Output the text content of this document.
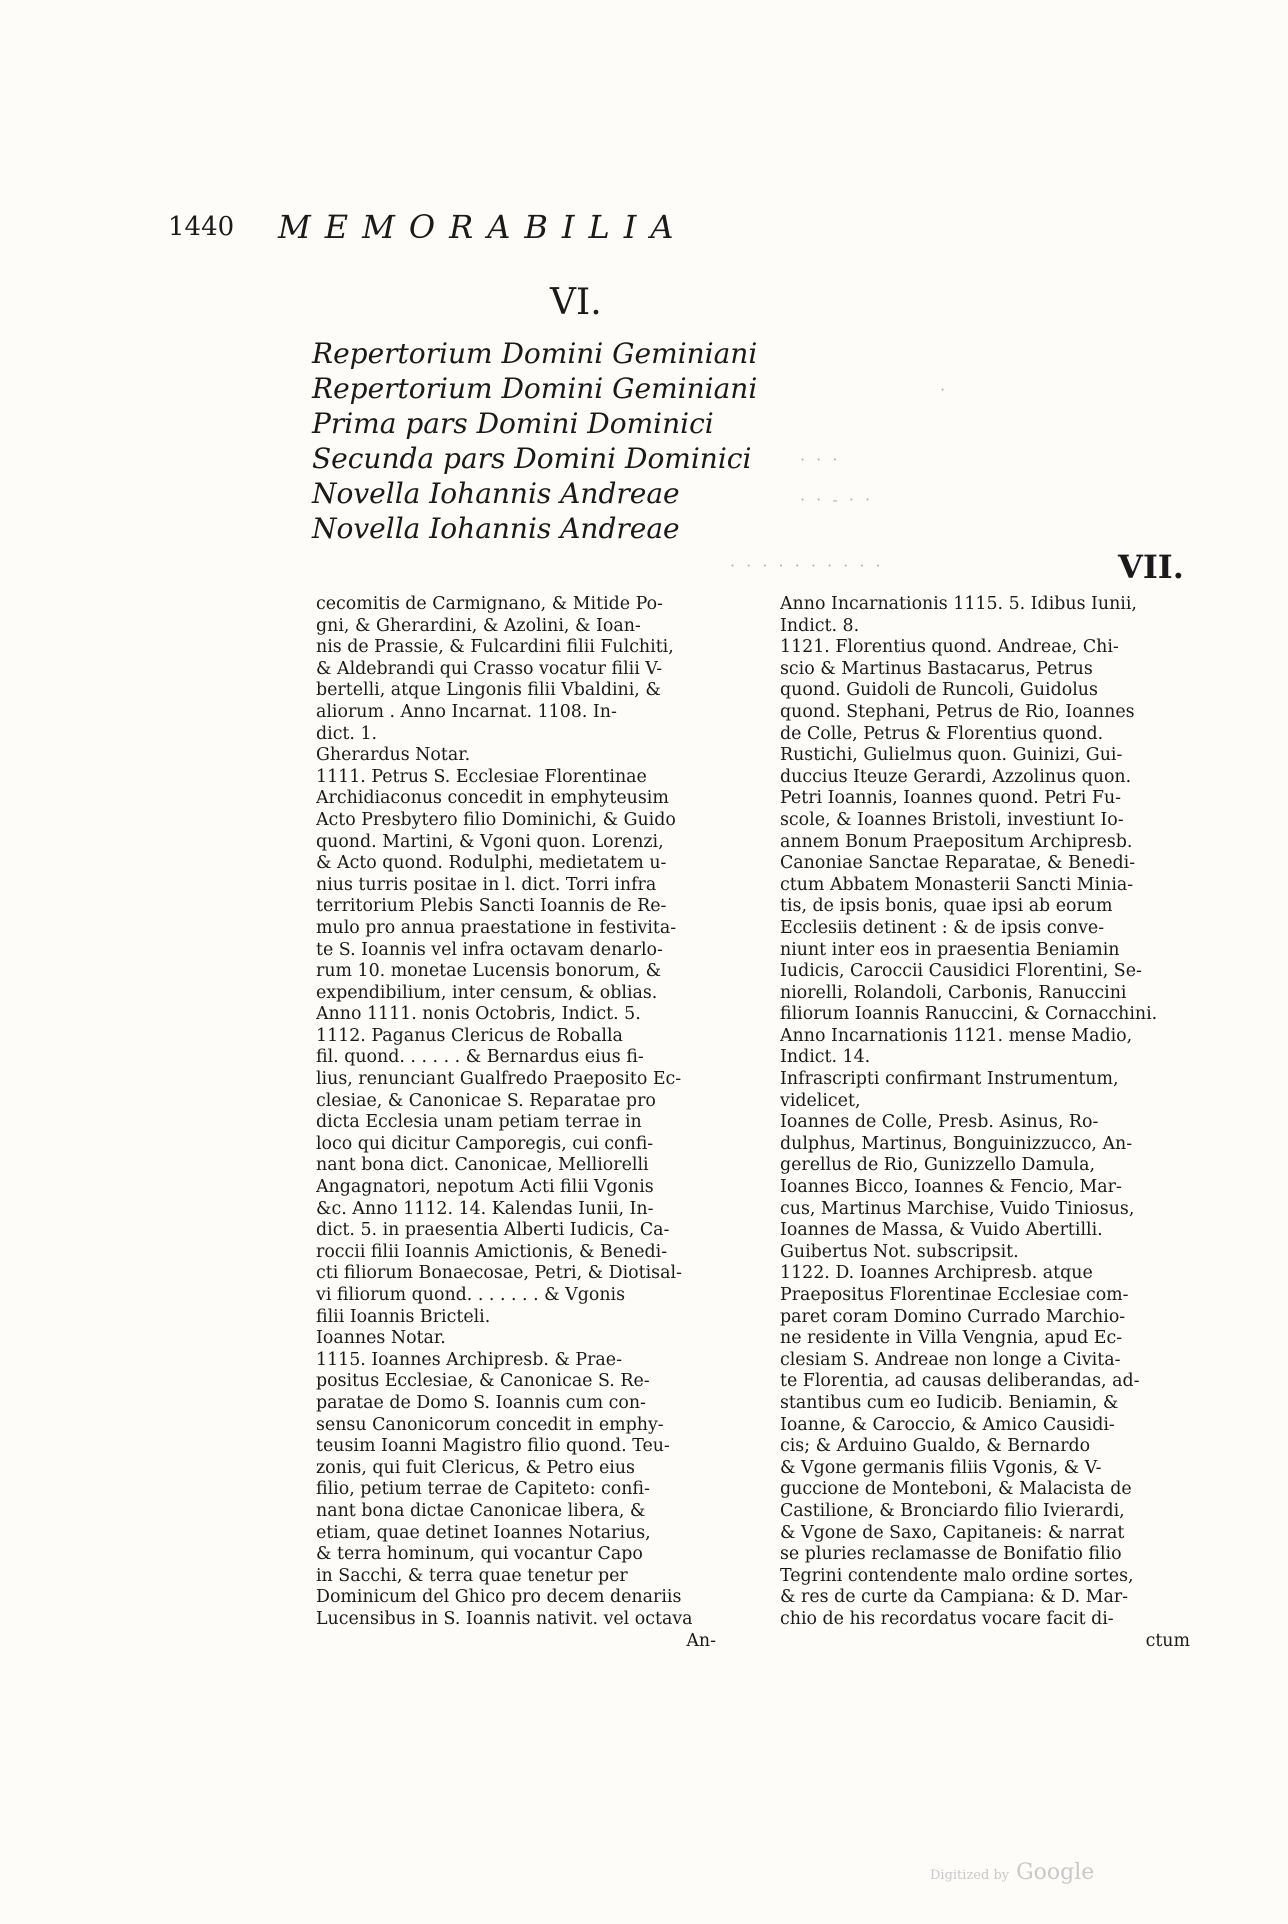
1440 MEMORABILIA
VI.
Repertorium Domini Geminiani
Repertorium Domini Geminiani
Prima pars Domini Dominici
Secunda pars Domini Dominici
Novella Iohannis Andreae
Novella Iohannis Andreae
·
· · ·
· · - · ·
· · · · · · · · · ·	VII.
cecomitis de Carmignano, & Mitide Po-
gni, & Gherardini, & Azolini, & Ioan-
nis de Prassie, & Fulcardini filii Fulchiti,
& Aldebrandi qui Crasso vocatur filii V-
bertelli, atque Lingonis filii Vbaldini, &
aliorum . Anno Incarnat. 1108. In-
dict. 1.
Gherardus Notar.
1111. Petrus S. Ecclesiae Florentinae
Archidiaconus concedit in emphyteusim
Acto Presbytero filio Dominichi, & Guido
quond. Martini, & Vgoni quon. Lorenzi,
& Acto quond. Rodulphi, medietatem u-
nius turris positae in l. dict. Torri infra
territorium Plebis Sancti Ioannis de Re-
mulo pro annua praestatione in festivita-
te S. Ioannis vel infra octavam denarlo-
rum 10. monetae Lucensis bonorum, &
expendibilium, inter censum, & oblias.
Anno 1111. nonis Octobris, Indict. 5.
1112. Paganus Clericus de Roballa
fil. quond. . . . . . & Bernardus eius fi-
lius, renunciant Gualfredo Praeposito Ec-
clesiae, & Canonicae S. Reparatae pro
dicta Ecclesia unam petiam terrae in
loco qui dicitur Camporegis, cui confi-
nant bona dict. Canonicae, Melliorelli
Angagnatori, nepotum Acti filii Vgonis
&c. Anno 1112. 14. Kalendas Iunii, In-
dict. 5. in praesentia Alberti Iudicis, Ca-
roccii filii Ioannis Amictionis, & Benedi-
cti filiorum Bonaecosae, Petri, & Diotisal-
vi filiorum quond. . . . . . . & Vgonis
filii Ioannis Bricteli.
Ioannes Notar.
1115. Ioannes Archipresb. & Prae-
positus Ecclesiae, & Canonicae S. Re-
paratae de Domo S. Ioannis cum con-
sensu Canonicorum concedit in emphy-
teusim Ioanni Magistro filio quond. Teu-
zonis, qui fuit Clericus, & Petro eius
filio, petium terrae de Capiteto: confi-
nant bona dictae Canonicae libera, &
etiam, quae detinet Ioannes Notarius,
& terra hominum, qui vocantur Capo
in Sacchi, & terra quae tenetur per
Dominicum del Ghico pro decem denariis
Lucensibus in S. Ioannis nativit. vel octava
An-
Anno Incarnationis 1115. 5. Idibus Iunii,
Indict. 8.
1121. Florentius quond. Andreae, Chi-
scio & Martinus Bastacarus, Petrus
quond. Guidoli de Runcoli, Guidolus
quond. Stephani, Petrus de Rio, Ioannes
de Colle, Petrus & Florentius quond.
Rustichi, Gulielmus quon. Guinizi, Gui-
duccius Iteuze Gerardi, Azzolinus quon.
Petri Ioannis, Ioannes quond. Petri Fu-
scole, & Ioannes Bristoli, investiunt Io-
annem Bonum Praepositum Archipresb.
Canoniae Sanctae Reparatae, & Benedi-
ctum Abbatem Monasterii Sancti Minia-
tis, de ipsis bonis, quae ipsi ab eorum
Ecclesiis detinent : & de ipsis conve-
niunt inter eos in praesentia Beniamin
Iudicis, Caroccii Causidici Florentini, Se-
niorelli, Rolandoli, Carbonis, Ranuccini
filiorum Ioannis Ranuccini, & Cornacchini.
Anno Incarnationis 1121. mense Madio,
Indict. 14.
Infrascripti confirmant Instrumentum,
videlicet,
Ioannes de Colle, Presb. Asinus, Ro-
dulphus, Martinus, Bonguinizzucco, An-
gerellus de Rio, Gunizzello Damula,
Ioannes Bicco, Ioannes & Fencio, Mar-
cus, Martinus Marchise, Vuido Tiniosus,
Ioannes de Massa, & Vuido Abertilli.
Guibertus Not. subscripsit.
1122. D. Ioannes Archipresb. atque
Praepositus Florentinae Ecclesiae com-
paret coram Domino Currado Marchio-
ne residente in Villa Vengnia, apud Ec-
clesiam S. Andreae non longe a Civita-
te Florentia, ad causas deliberandas, ad-
stantibus cum eo Iudicib. Beniamin, &
Ioanne, & Caroccio, & Amico Causidi-
cis; & Arduino Gualdo, & Bernardo
& Vgone germanis filiis Vgonis, & V-
guccione de Monteboni, & Malacista de
Castilione, & Bronciardo filio Ivierardi,
& Vgone de Saxo, Capitaneis: & narrat
se pluries reclamasse de Bonifatio filio
Tegrini contendente malo ordine sortes,
& res de curte da Campiana: & D. Mar-
chio de his recordatus vocare facit di-
ctum
Digitized by Google
